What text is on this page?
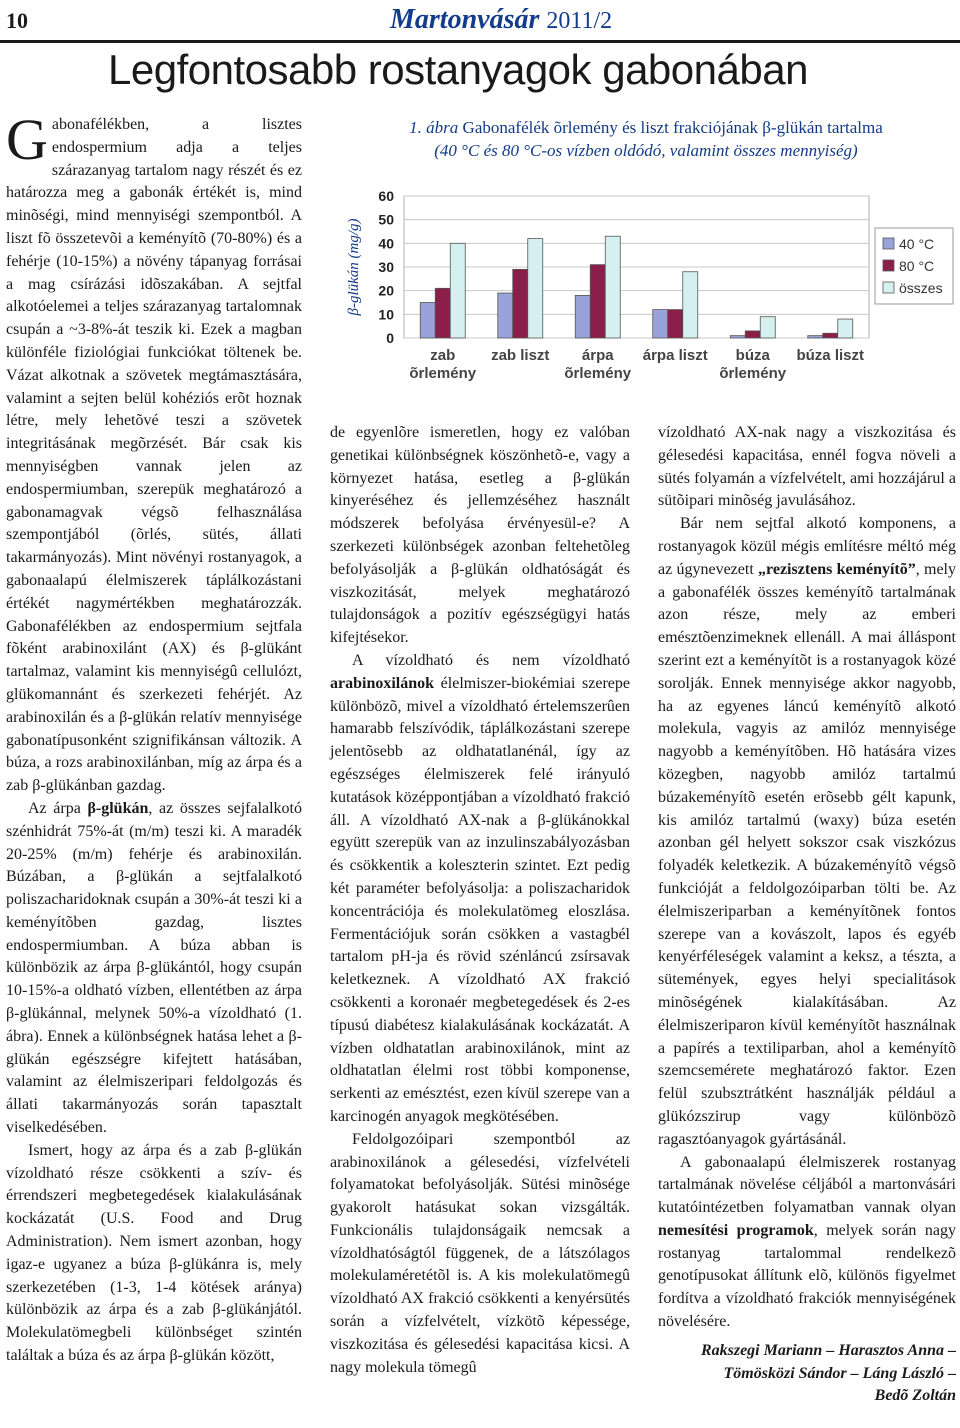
10	Martonvásár 2011/2
Legfontosabb rostanyagok gabonában
1. ábra Gabonafélék õrlemény és liszt frakciójának β-glükán tartalma
(40 °C és 80 °C-os vízben oldódó, valamint összes mennyiség)
0
10
20
30
40
50
60
β-glükán (mg/g)
zab
õrlemény
zab liszt árpa
õrlemény
árpa liszt búza
õrlemény
búza liszt
40 °C
80 °C
összes
G abonafélékben, a lisztes endospermium adja a teljes szárazanyag tartalom nagy részét és ez határozza meg a gabonák értékét is, mind minõségi, mind mennyiségi szempontból. A liszt fõ összetevõi a keményítõ (70-80%) és a fehérje (10-15%) a növény tápanyag forrásai a mag csírázási idõszakában. A sejtfal alkotóelemei a teljes szárazanyag tartalomnak csupán a ~3-8%-át teszik ki. Ezek a magban különféle fiziológiai funkciókat töltenek be. Vázat alkotnak a szövetek megtámasztására, valamint a sejten belül kohéziós erõt hoznak létre, mely lehetõvé teszi a szövetek integritásának megõrzését. Bár csak kis mennyiségben vannak jelen az endospermiumban, szerepük meghatározó a gabonamagvak végsõ felhasználása szempontjából (õrlés, sütés, állati takarmányozás). Mint növényi rostanyagok, a gabonaalapú élelmiszerek táplálkozástani értékét nagymértékben meghatározzák. Gabonafélékben az endospermium sejtfala fõként arabinoxilánt (AX) és β-glükánt tartalmaz, valamint kis mennyiségû cellulózt, glükomannánt és szerkezeti fehérjét. Az arabinoxilán és a β-glükán relatív mennyisége gabonatípusonként szignifikánsan változik. A búza, a rozs arabinoxilánban, míg az árpa és a zab β-glükánban gazdag.

Az árpa β-glükán, az összes sejfalalkotó szénhidrát 75%-át (m/m) teszi ki. A maradék 20-25% (m/m) fehérje és arabinoxilán. Búzában, a β-glükán a sejtfalalkotó poliszacharidoknak csupán a 30%-át teszi ki a keményítõben gazdag, lisztes endospermiumban. A búza abban is különbözik az árpa β-glükántól, hogy csupán 10-15%-a oldható vízben, ellentétben az árpa β-glükánnal, melynek 50%-a vízoldható (1. ábra). Ennek a különbségnek hatása lehet a β-glükán egészségre kifejtett hatásában, valamint az élelmiszeripari feldolgozás és állati takarmányozás során tapasztalt viselkedésében.

Ismert, hogy az árpa és a zab β-glükán vízoldható része csökkenti a szív- és érrendszeri megbetegedések kialakulásának kockázatát (U.S. Food and Drug Administration). Nem ismert azonban, hogy igaz-e ugyanez a búza β-glükánra is, mely szerkezetében (1-3, 1-4 kötések aránya) különbözik az árpa és a zab β-glükánjától. Molekulatömegbeli különbséget szintén találtak a búza és az árpa β-glükán között,

de egyenlõre ismeretlen, hogy ez valóban genetikai különbségnek köszönhetõ-e, vagy a környezet hatása, esetleg a β-glükán kinyeréséhez és jellemzéséhez használt módszerek befolyása érvényesül-e? A szerkezeti különbségek azonban feltehetõleg befolyásolják a β-glükán oldhatóságát és viszkozitását, melyek meghatározó tulajdonságok a pozitív egészségügyi hatás kifejtésekor.

A vízoldható és nem vízoldható arabinoxilánok élelmiszer-biokémiai szerepe különbözõ, mivel a vízoldható értelemszerûen hamarabb felszívódik, táplálkozástani szerepe jelentõsebb az oldhatatlanénál, így az egészséges élelmiszerek felé irányuló kutatások középpontjában a vízoldható frakció áll. A vízoldható AX-nak a β-glükánokkal együtt szerepük van az inzulinszabályozásban és csökkentik a koleszterin szintet. Ezt pedig két paraméter befolyásolja: a poliszacharidok koncentrációja és molekulatömeg eloszlása. Fermentációjuk során csökken a vastagbél tartalom pH-ja és rövid szénláncú zsírsavak keletkeznek. A vízoldható AX frakció csökkenti a koronaér megbetegedések és 2-es típusú diabétesz kialakulásának kockázatát. A vízben oldhatatlan arabinoxilánok, mint az oldhatatlan élelmi rost többi komponense, serkenti az emésztést, ezen kívül szerepe van a karcinogén anyagok megkötésében.

Feldolgozóipari szempontból az arabinoxilánok a gélesedési, vízfelvételi folyamatokat befolyásolják. Sütési minõsége gyakorolt hatásukat sokan vizsgálták. Funkcionális tulajdonságaik nemcsak a vízoldhatóságtól függenek, de a látszólagos molekulaméretétõl is. A kis molekulatömegû vízoldható AX frakció csökkenti a kenyérsütés során a vízfelvételt, vízkötõ képessége, viszkozitása és gélesedési kapacitása kicsi. A nagy molekula tömegû

vízoldható AX-nak nagy a viszkozitása és gélesedési kapacitása, ennél fogva növeli a sütés folyamán a vízfelvételt, ami hozzájárul a sütõipari minõség javulásához.

Bár nem sejtfal alkotó komponens, a rostanyagok közül mégis említésre méltó még az úgynevezett „rezisztens keményítõ”, mely a gabonafélék összes keményítõ tartalmának azon része, mely az emberi emésztõenzimeknek ellenáll. A mai álláspont szerint ezt a keményítõt is a rostanyagok közé sorolják. Ennek mennyisége akkor nagyobb, ha az egyenes láncú keményítõ alkotó molekula, vagyis az amilóz mennyisége nagyobb a keményítõben. Hõ hatására vizes közegben, nagyobb amilóz tartalmú búzakeményítõ esetén erõsebb gélt kapunk, kis amilóz tartalmú (waxy) búza esetén azonban gél helyett sokszor csak viszkózus folyadék keletkezik. A búzakeményítõ végsõ funkcióját a feldolgozóiparban tölti be. Az élelmiszeriparban a keményítõnek fontos szerepe van a kovászolt, lapos és egyéb kenyérféleségek valamint a keksz, a tészta, a sütemények, egyes helyi specialitások minõségének kialakításában. Az élelmiszeriparon kívül keményítõt használnak a papírés a textiliparban, ahol a keményítõ szemcsemérete meghatározó faktor. Ezen felül szubsztrátként használják például a glükózszirup vagy különbözõ ragasztóanyagok gyártásánál.

A gabonaalapú élelmiszerek rostanyag tartalmának növelése céljából a martonvásári kutatóintézetben folyamatban vannak olyan nemesítési programok, melyek során nagy rostanyag tartalommal rendelkezõ genotípusokat állítunk elõ, különös figyelmet fordítva a vízoldható frakciók mennyiségének növelésére.

Rakszegi Mariann – Harasztos Anna –
Tömösközi Sándor – Láng László –
Bedõ Zoltán
